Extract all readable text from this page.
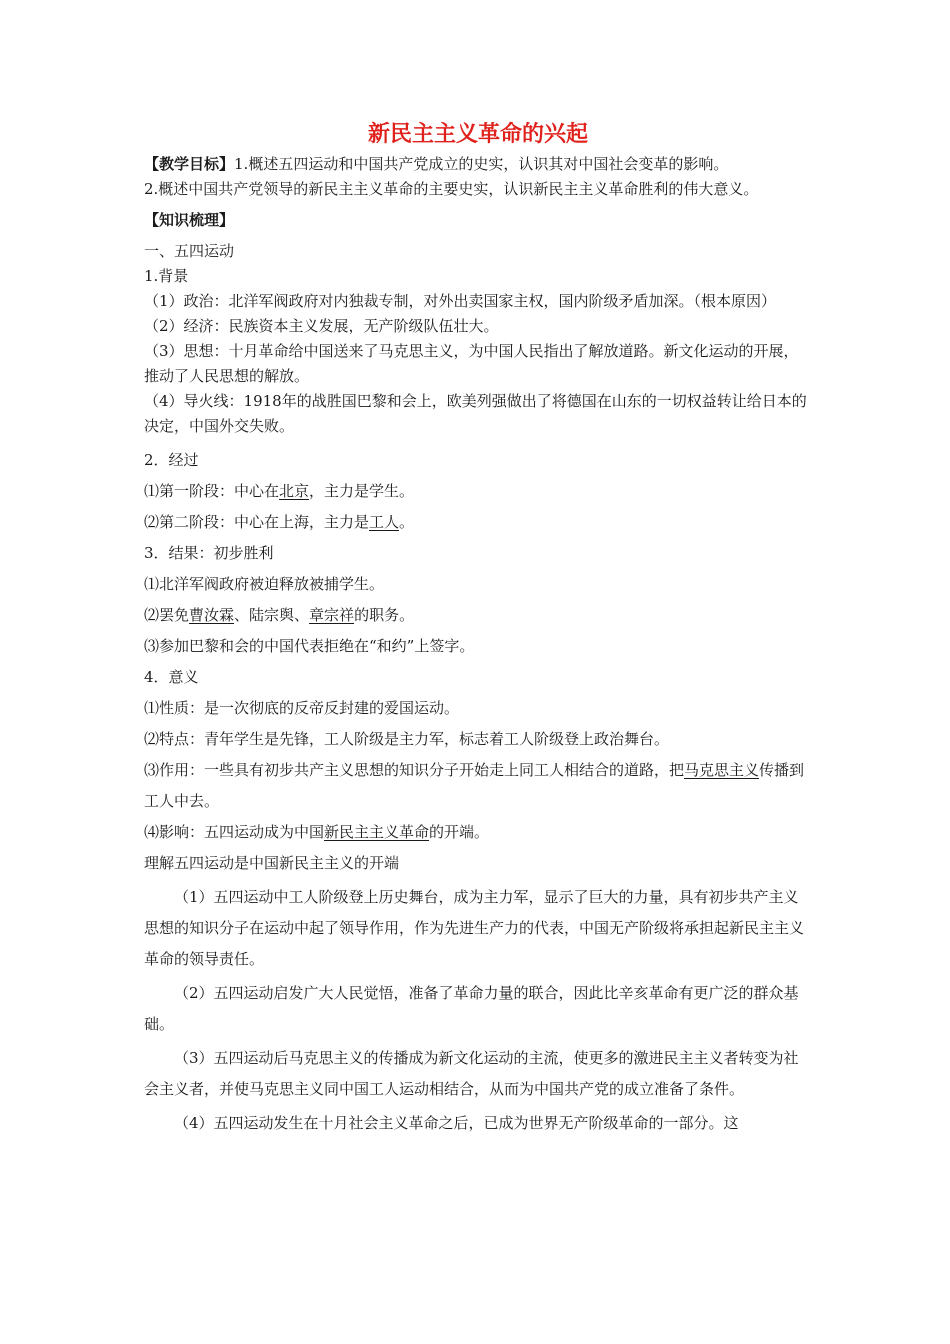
新民主主义革命的兴起

【教学目标】1.概述五四运动和中国共产党成立的史实，认识其对中国社会变革的影响。

2.概述中国共产党领导的新民主主义革命的主要史实，认识新民主主义革命胜利的伟大意义。

【知识梳理】

一、五四运动

1.背景

（1）政治：北洋军阀政府对内独裁专制，对外出卖国家主权，国内阶级矛盾加深。（根本原因）

（2）经济：民族资本主义发展，无产阶级队伍壮大。

（3）思想：十月革命给中国送来了马克思主义，为中国人民指出了解放道路。新文化运动的开展，推动了人民思想的解放。

（4）导火线：1918年的战胜国巴黎和会上，欧美列强做出了将德国在山东的一切权益转让给日本的决定，中国外交失败。

2．经过

⑴第一阶段：中心在北京，主力是学生。

⑵第二阶段：中心在上海，主力是工人。

3．结果：初步胜利

⑴北洋军阀政府被迫释放被捕学生。

⑵罢免曹汝霖、陆宗舆、章宗祥的职务。

⑶参加巴黎和会的中国代表拒绝在“和约”上签字。

4．意义

⑴性质：是一次彻底的反帝反封建的爱国运动。

⑵特点：青年学生是先锋，工人阶级是主力军，标志着工人阶级登上政治舞台。

⑶作用：一些具有初步共产主义思想的知识分子开始走上同工人相结合的道路，把马克思主义传播到工人中去。

⑷影响：五四运动成为中国新民主主义革命的开端。

理解五四运动是中国新民主主义的开端

（1）五四运动中工人阶级登上历史舞台，成为主力军，显示了巨大的力量，具有初步共产主义思想的知识分子在运动中起了领导作用，作为先进生产力的代表，中国无产阶级将承担起新民主主义革命的领导责任。

（2）五四运动启发广大人民觉悟，准备了革命力量的联合，因此比辛亥革命有更广泛的群众基础。

（3）五四运动后马克思主义的传播成为新文化运动的主流，使更多的激进民主主义者转变为社会主义者，并使马克思主义同中国工人运动相结合，从而为中国共产党的成立准备了条件。

（4）五四运动发生在十月社会主义革命之后，已成为世界无产阶级革命的一部分。这
